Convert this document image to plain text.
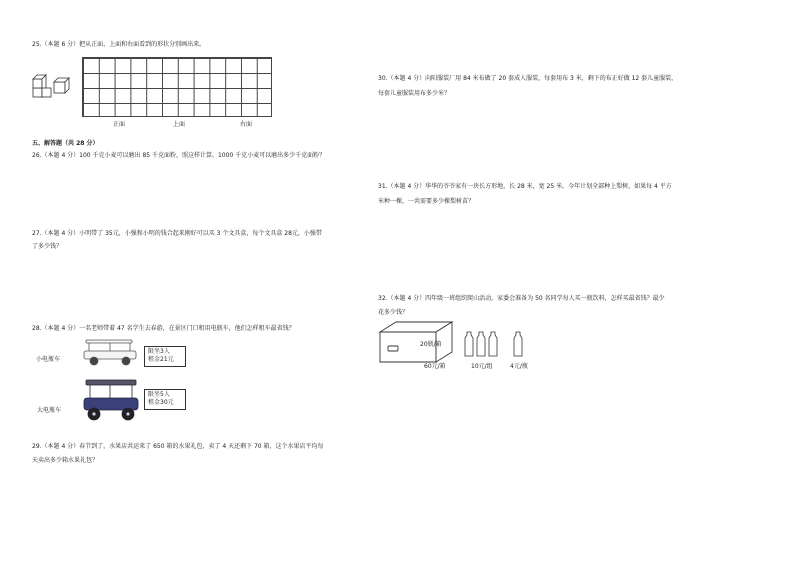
25.（本题 6 分）把从正面、上面和右面看到的形状分别画出来。
正面	上面	右面
五、解答题（共 28 分）
26.（本题 4 分）100 千克小麦可以磨出 85 千克面粉，照这样计算，1000 千克小麦可以磨出多少千克面粉？
27.（本题 4 分）小明带了 35元，小强和小明的钱合起来刚好可以买 3 个文具盒，每个文具盒 28元，小强带
了多少钱？
28.（本题 4 分）一名老师带着 47 名学生去春游，在景区门口租用电瓶车，他们怎样租车最省钱？
小电瓶车
限坐3人
租金21元
大电瓶车
限坐5人
租金30元
29.（本题 4 分）春节到了，水果店共运来了 650 箱的水果礼包，卖了 4 天还剩下 70 箱，这个水果店平均每
天卖出多少箱水果礼包？
30.（本题 4 分）向阳服装厂用 84 米布做了 20 套成人服装，每套用布 3 米，剩下的布正好做 12 套儿童服装，
每套儿童服装用布多少米？
31.（本题 4 分）华华的爷爷家有一块长方形地，长 28 米，宽 25 米。今年计划全部种上梨树，如果每 4 平方
米种一棵，一共需要多少棵梨树苗？
32.（本题 4 分）四年级一班组织爬山活动，家委会准备为 50 名同学每人买一瓶饮料，怎样买最省钱？最少
花多少钱？
20瓶/箱
60元/箱	10元/组	4元/瓶
